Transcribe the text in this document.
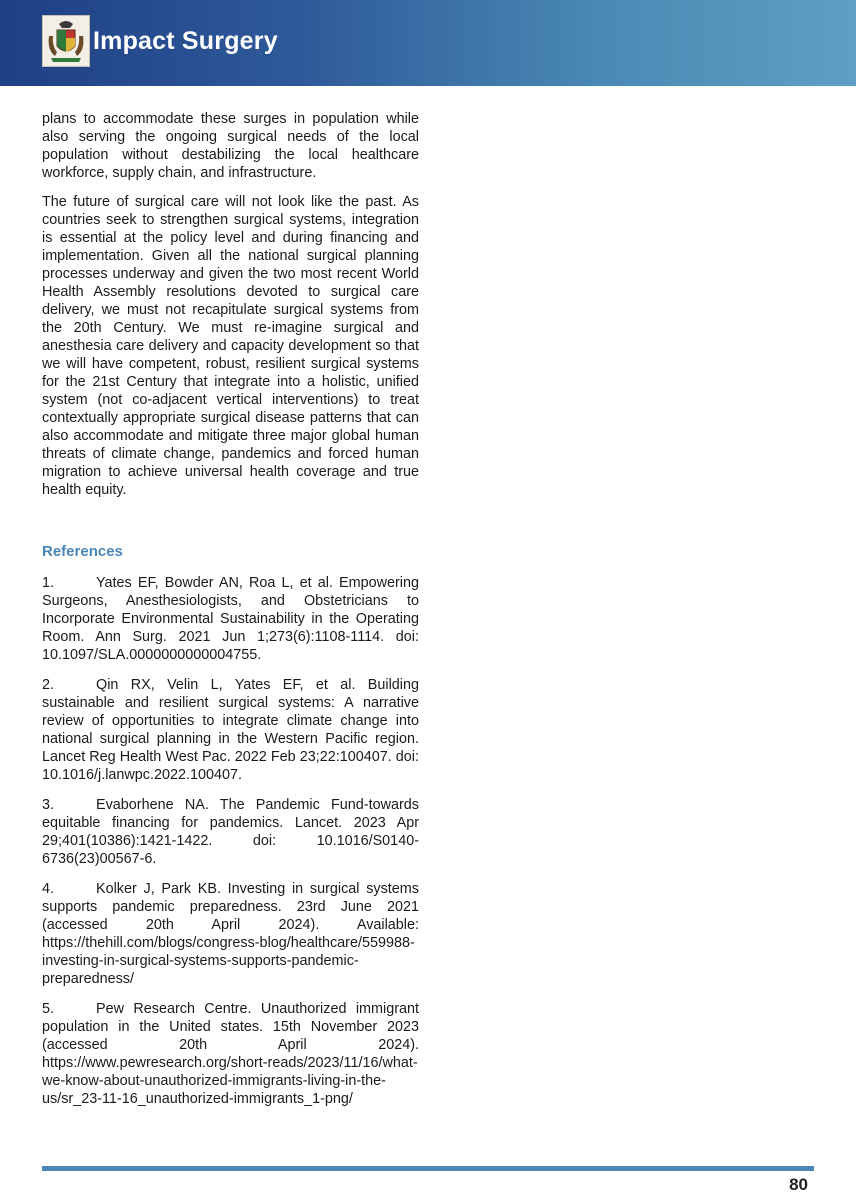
Impact Surgery

plans to accommodate these surges in population while also serving the ongoing surgical needs of the local population without destabilizing the local healthcare workforce, supply chain, and infrastructure.

The future of surgical care will not look like the past. As countries seek to strengthen surgical systems, integration is essential at the policy level and during financing and implementation. Given all the national surgical planning processes underway and given the two most recent World Health Assembly resolutions devoted to surgical care delivery, we must not recapitulate surgical systems from the 20th Century. We must re-imagine surgical and anesthesia care delivery and capacity development so that we will have competent, robust, resilient surgical systems for the 21st Century that integrate into a holistic, unified system (not co-adjacent vertical interventions) to treat contextually appropriate surgical disease patterns that can also accommodate and mitigate three major global human threats of climate change, pandemics and forced human migration to achieve universal health coverage and true health equity.

References
1.	Yates EF, Bowder AN, Roa L, et al. Empowering Surgeons, Anesthesiologists, and Obstetricians to Incorporate Environmental Sustainability in the Operating Room. Ann Surg. 2021 Jun 1;273(6):1108-1114. doi: 10.1097/SLA.0000000000004755.
2.	Qin RX, Velin L, Yates EF, et al. Building sustainable and resilient surgical systems: A narrative review of opportunities to integrate climate change into national surgical planning in the Western Pacific region. Lancet Reg Health West Pac. 2022 Feb 23;22:100407. doi: 10.1016/j.lanwpc.2022.100407.
3.	Evaborhene NA. The Pandemic Fund-towards equitable financing for pandemics. Lancet. 2023 Apr 29;401(10386):1421-1422. doi: 10.1016/S0140-6736(23)00567-6.
4.	Kolker J, Park KB. Investing in surgical systems supports pandemic preparedness. 23rd June 2021 (accessed 20th April 2024). Available: https://thehill.com/blogs/congress-blog/healthcare/559988-investing-in-surgical-systems-supports-pandemic-preparedness/
5.	Pew Research Centre. Unauthorized immigrant population in the United states. 15th November 2023 (accessed 20th April 2024). https://www.pewresearch.org/short-reads/2023/11/16/what-we-know-about-unauthorized-immigrants-living-in-the-us/sr_23-11-16_unauthorized-immigrants_1-png/
80
